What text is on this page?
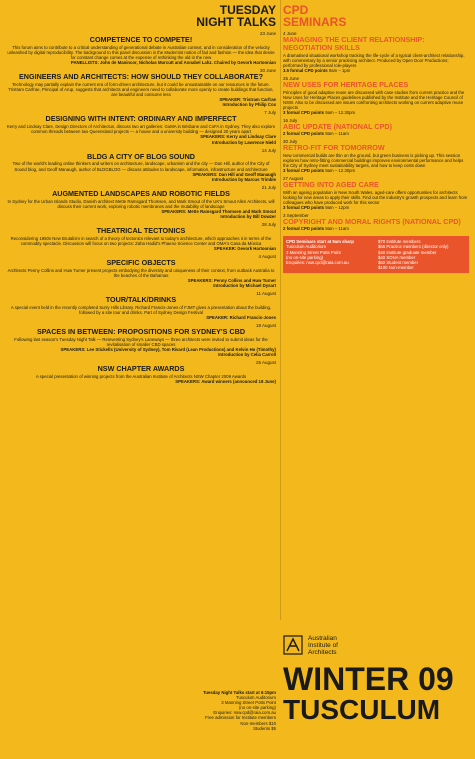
TUESDAY
NIGHT TALKS
23 June
COMPETENCE TO COMPETE!
This forum aims to contribute to a critical understanding of generational debate in Australian context, and in consideration of the velocity unleashed by digital reproducibility. The background to this panel discussion is the Modernist notion of fad and fashion — the idea that desire for constant change comes at the expense of rethinking the old in the new
PANELLISTS: John de Manincor, Nicholas Murcutt and Annabel Lahz. Chaired by Gevork Hartoonian
30 June
ENGINEERS AND ARCHITECTS: HOW SHOULD THEY COLLABORATE?
Technology may partially explain the current era of form-driven architecture, but it could be unsustainable on our resources in the future. Tristram Carfrae, Principal of Arup, suggests that architects and engineers need to collaborate more openly to create buildings that function, are beautiful and consume less
SPEAKER: Tristram Carfrae
Introduction by Philip Cox
7 July
DESIGNING WITH INTENT: ORDINARY AND IMPERFECT
Kerry and Lindsay Clare, Design Directors of Architectus, discuss two art galleries: GoMA in Brisbane and CoFA in Sydney. They also explore common threads between two Queensland projects — a house and a university building — designed 20 years apart
SPEAKERS: Kerry and Lindsay Clare
Introduction by Lawrence Nield
14 July
BLDG A CITY OF BLOG SOUND
Two of the world's leading online thinkers and writers on architecture, landscape, urbanism and the city — Dan Hill, author of the City of Sound blog, and Geoff Manaugh, author of BLDGBLOG — discuss attitudes to landscape, information, infrastructure and architecture
SPEAKERS: Dan Hill and Geoff Manaugh
Introduction by Marcus Trimble
21 July
AUGMENTED LANDSCAPES AND ROBOTIC FIELDS
In Sydney for the Urban Islands Studio, Danish architect Mette Ramsgard Thomsen, and Mark Smout of the UK's Smout Allen Architects, will discuss their current work, exploring robotic membranes and the mutability of landscape
SPEAKERS: Mette Ramsgard Thomsen and Mark Smout
Introduction by Bill Dowzer
28 July
THEATRICAL TECTONICS
Reconsidering 1950s New Brutalism in search of a theory of tectonics relevant to today's architecture, which approaches it in terms of the commodity spectacle. Discussion will focus on two projects: Zaha Hadid's Phaeno Science Center and OMA's Casa da Música
SPEAKER: Gevork Hartoonian
4 August
SPECIFIC OBJECTS
Architects Penny Collins and Huw Turner present projects embodying the diversity and uniqueness of their context, from outback Australia to the beaches of the Bahamas
SPEAKERS: Penny Collins and Huw Turner
Introduction by Michael Dysart
11 August
TOUR/TALK/DRINKS
A special event held in the recently completed Surry Hills Library. Richard Francis-Jones of FJMT gives a presentation about the building, followed by a site tour and drinks. Part of Sydney Design Festival
SPEAKER: Richard Francis-Jones
18 August
SPACES IN BETWEEN: PROPOSITIONS FOR SYDNEY'S CBD
Following last season's Tuesday Night Talk — Reinventing Sydney's Laneways — three architects were invited to submit ideas for the revitalisation of smaller CBD spaces
SPEAKERS: Lee Stickells (University of Sydney), Tom Rivard (Lean Productions) and Kelvin Ho (Timothy)
Introduction by Celia Carroll
25 August
NSW CHAPTER AWARDS
A special presentation of winning projects from the Australian Institute of Architects NSW Chapter 2009 Awards
SPEAKERS: Award winners (announced 18 June)
CPD
SEMINARS
4 June
MANAGING THE CLIENT RELATIONSHIP: NEGOTIATION SKILLS
A dramatised situational workshop tracking the life-cycle of a typical client-architect relationship, with commentary by a senior practising architect. Produced by Open Door Productions; performed by professional role-players
3.5 formal CPD points 9am – 1pm
25 June
NEW USES FOR HERITAGE PLACES
Principles of good adaptive reuse are discussed with case studies from current practice and the New Uses for Heritage Places guidelines published by the Institute and the Heritage Council of NSW. Also to be discussed are issues confronting architects working on current adaptive reuse projects
3 formal CPD points 9am – 12.30pm
16 July
ABIC UPDATE (NATIONAL CPD)
2 formal CPD points 9am – 11am
30 July
RETRO-FIT FOR TOMORROW
New commercial builds are thin on the ground, but green business is picking up. This session explores how retro-fitting commercial buildings improves environmental performance and helps the City of Sydney meet sustainability targets, and how to keep costs down
3 formal CPD points 9am – 12.30pm
27 August
GETTING INTO AGED CARE
With an ageing population in New South Wales, aged-care offers opportunities for architects looking for new areas to apply their skills. Find out the industry's growth prospects and learn from colleagues who have produced work for this sector
3 formal CPD points 9am – 12pm
3 September
COPYRIGHT AND MORAL RIGHTS (NATIONAL CPD)
2 formal CPD points 9am – 11am
CPD Seminars start at 9am sharp
Tusculum Auditorium
3 Manning Street Potts Point
(no on-site parking)
Enquiries: nsw.cpd@raia.com.au
$70 Institute members
$65 Practice members (director only)
$40 Institute graduate member
$40 SONA member
$50 Student member
$100 Non-member
Australian
Institute of
Architects
WINTER 09
TUSCULUM
Tuesday Night Talks start at 6:15pm
Tusculum Auditorium
3 Manning Street Potts Point
(no on-site parking)
Enquiries: nsw.cpd@raia.com.au
Free admission for Institute members
Non-members $10
Students $5
